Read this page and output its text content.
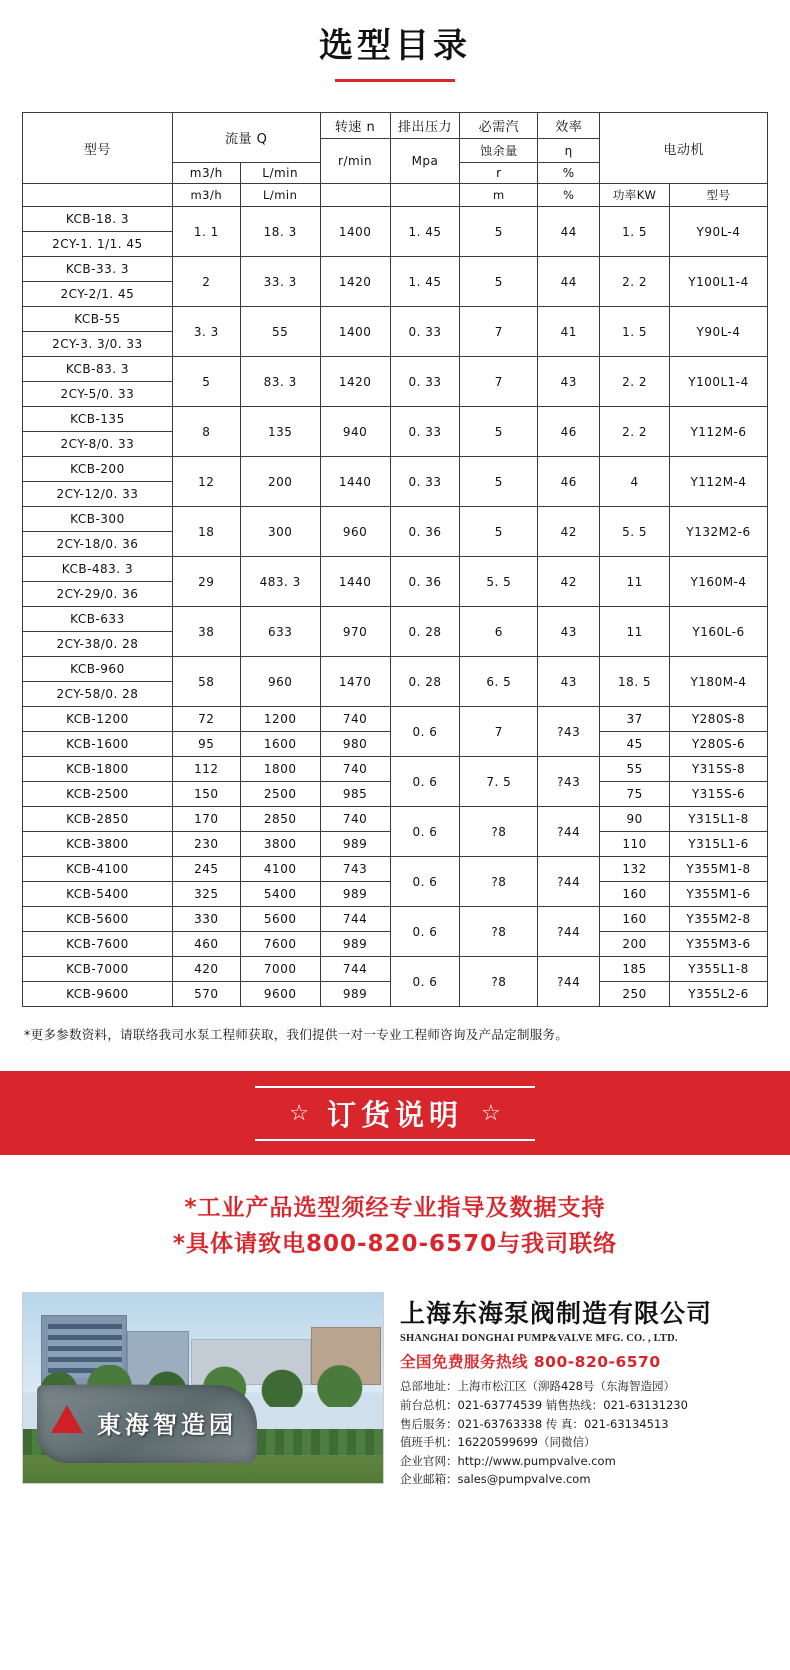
选型目录
型号	流量 Q		转速 n	排出压力	必需汽	效率	电动机	
			r/min	Mpa	蚀余量	η		
	m3/h	L/min			r	%		
	m3/h	L/min			m	%	功率KW	型号
KCB-18. 3	1. 1	18. 3	1400	1. 45	5	44	1. 5	Y90L-4
2CY-1. 1/1. 45								
KCB-33. 3	2	33. 3	1420	1. 45	5	44	2. 2	Y100L1-4
2CY-2/1. 45								
KCB-55	3. 3	55	1400	0. 33	7	41	1. 5	Y90L-4
2CY-3. 3/0. 33								
KCB-83. 3	5	83. 3	1420	0. 33	7	43	2. 2	Y100L1-4
2CY-5/0. 33								
KCB-135	8	135	940	0. 33	5	46	2. 2	Y112M-6
2CY-8/0. 33								
KCB-200	12	200	1440	0. 33	5	46	4	Y112M-4
2CY-12/0. 33								
KCB-300	18	300	960	0. 36	5	42	5. 5	Y132M2-6
2CY-18/0. 36								
KCB-483. 3	29	483. 3	1440	0. 36	5. 5	42	11	Y160M-4
2CY-29/0. 36								
KCB-633	38	633	970	0. 28	6	43	11	Y160L-6
2CY-38/0. 28								
KCB-960	58	960	1470	0. 28	6. 5	43	18. 5	Y180M-4
2CY-58/0. 28								
KCB-1200	72	1200	740	0. 6	7	?43	37	Y280S-8
KCB-1600	95	1600	980				45	Y280S-6
KCB-1800	112	1800	740	0. 6	7. 5	?43	55	Y315S-8
KCB-2500	150	2500	985				75	Y315S-6
KCB-2850	170	2850	740	0. 6	?8	?44	90	Y315L1-8
KCB-3800	230	3800	989				110	Y315L1-6
KCB-4100	245	4100	743	0. 6	?8	?44	132	Y355M1-8
KCB-5400	325	5400	989				160	Y355M1-6
KCB-5600	330	5600	744	0. 6	?8	?44	160	Y355M2-8
KCB-7600	460	7600	989				200	Y355M3-6
KCB-7000	420	7000	744	0. 6	?8	?44	185	Y355L1-8
KCB-9600	570	9600	989				250	Y355L2-6
*更多参数资料，请联络我司水泵工程师获取，我们提供一对一专业工程师咨询及产品定制服务。
☆ 订货说明 ☆
*工业产品选型须经专业指导及数据支持
*具体请致电800-820-6570与我司联络
東海智造园
上海东海泵阀制造有限公司
SHANGHAI DONGHAI PUMP&VALVE MFG. CO. , LTD.
全国免费服务热线 800-820-6570
总部地址：上海市松江区（泖路428号（东海智造园）
前台总机：021-63774539 销售热线：021-63131230
售后服务：021-63763338 传 真：021-63134513
值班手机：16220599699（同微信）
企业官网：http://www.pumpvalve.com
企业邮箱：sales@pumpvalve.com
